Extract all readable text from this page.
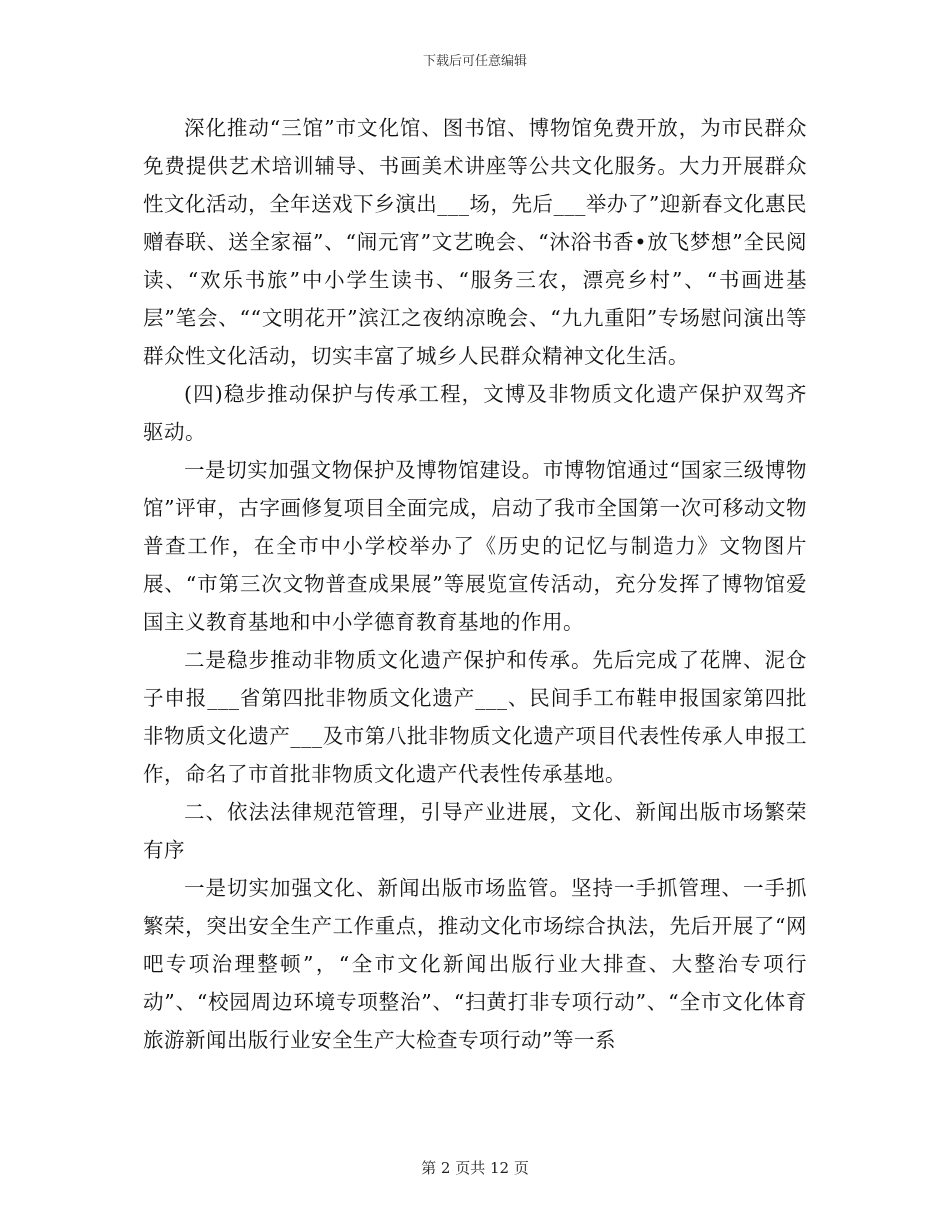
下载后可任意编辑

深化推动“三馆”市文化馆、图书馆、博物馆免费开放，为市民群众免费提供艺术培训辅导、书画美术讲座等公共文化服务。大力开展群众性文化活动，全年送戏下乡演出___场，先后___举办了”迎新春文化惠民赠春联、送全家福”、“闹元宵”文艺晚会、“沐浴书香•放飞梦想”全民阅读、“欢乐书旅”中小学生读书、“服务三农，漂亮乡村”、“书画进基层”笔会、““文明花开”滨江之夜纳凉晚会、“九九重阳”专场慰问演出等群众性文化活动，切实丰富了城乡人民群众精神文化生活。

(四)稳步推动保护与传承工程，文博及非物质文化遗产保护双驾齐驱动。

一是切实加强文物保护及博物馆建设。市博物馆通过“国家三级博物馆”评审，古字画修复项目全面完成，启动了我市全国第一次可移动文物普查工作，在全市中小学校举办了《历史的记忆与制造力》文物图片展、“市第三次文物普查成果展”等展览宣传活动，充分发挥了博物馆爱国主义教育基地和中小学德育教育基地的作用。

二是稳步推动非物质文化遗产保护和传承。先后完成了花牌、泥仓子申报___省第四批非物质文化遗产___、民间手工布鞋申报国家第四批非物质文化遗产___及市第八批非物质文化遗产项目代表性传承人申报工作，命名了市首批非物质文化遗产代表性传承基地。

二、依法法律规范管理，引导产业进展，文化、新闻出版市场繁荣有序

一是切实加强文化、新闻出版市场监管。坚持一手抓管理、一手抓繁荣，突出安全生产工作重点，推动文化市场综合执法，先后开展了“网吧专项治理整顿”，“全市文化新闻出版行业大排查、大整治专项行动”、“校园周边环境专项整治”、“扫黄打非专项行动”、“全市文化体育旅游新闻出版行业安全生产大检查专项行动”等一系

第 2 页共 12 页
